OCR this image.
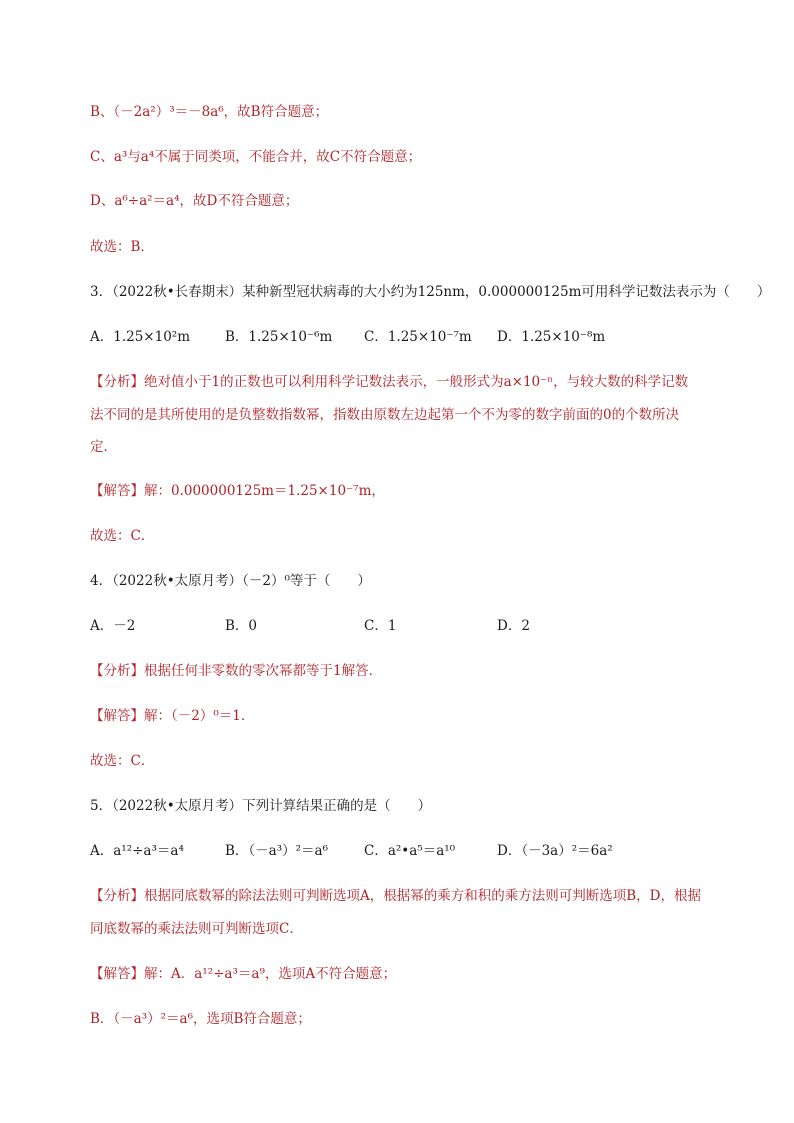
B、（－2a²）³＝－8a⁶，故B符合题意；
C、a³与a⁴不属于同类项，不能合并，故C不符合题意；
D、a⁶÷a²＝a⁴，故D不符合题意；
故选：B．
3．（2022秋•长春期末）某种新型冠状病毒的大小约为125nm，0.000000125m可用科学记数法表示为（　　）
A．1.25×10²m	B．1.25×10⁻⁶m C．1.25×10⁻⁷m D．1.25×10⁻⁸m
【分析】绝对值小于1的正数也可以利用科学记数法表示，一般形式为a×10⁻ⁿ，与较大数的科学记数
法不同的是其所使用的是负整数指数幂，指数由原数左边起第一个不为零的数字前面的0的个数所决
定．
【解答】解：0.000000125m＝1.25×10⁻⁷m，
故选：C．
4．（2022秋•太原月考）（－2）⁰等于（　　）
A．－2	B．0	C．1	D．2
【分析】根据任何非零数的零次幂都等于1解答．
【解答】解：（－2）⁰＝1．
故选：C．
5．（2022秋•太原月考）下列计算结果正确的是（　　）
A．a¹²÷a³＝a⁴	B．（－a³）²＝a⁶	C．a²•a⁵＝a¹⁰	D．（－3a）²＝6a²
【分析】根据同底数幂的除法法则可判断选项A，根据幂的乘方和积的乘方法则可判断选项B，D，根据
同底数幂的乘法法则可判断选项C．
【解答】解：A．a¹²÷a³＝a⁹，选项A不符合题意；
B．（－a³）²＝a⁶，选项B符合题意；
